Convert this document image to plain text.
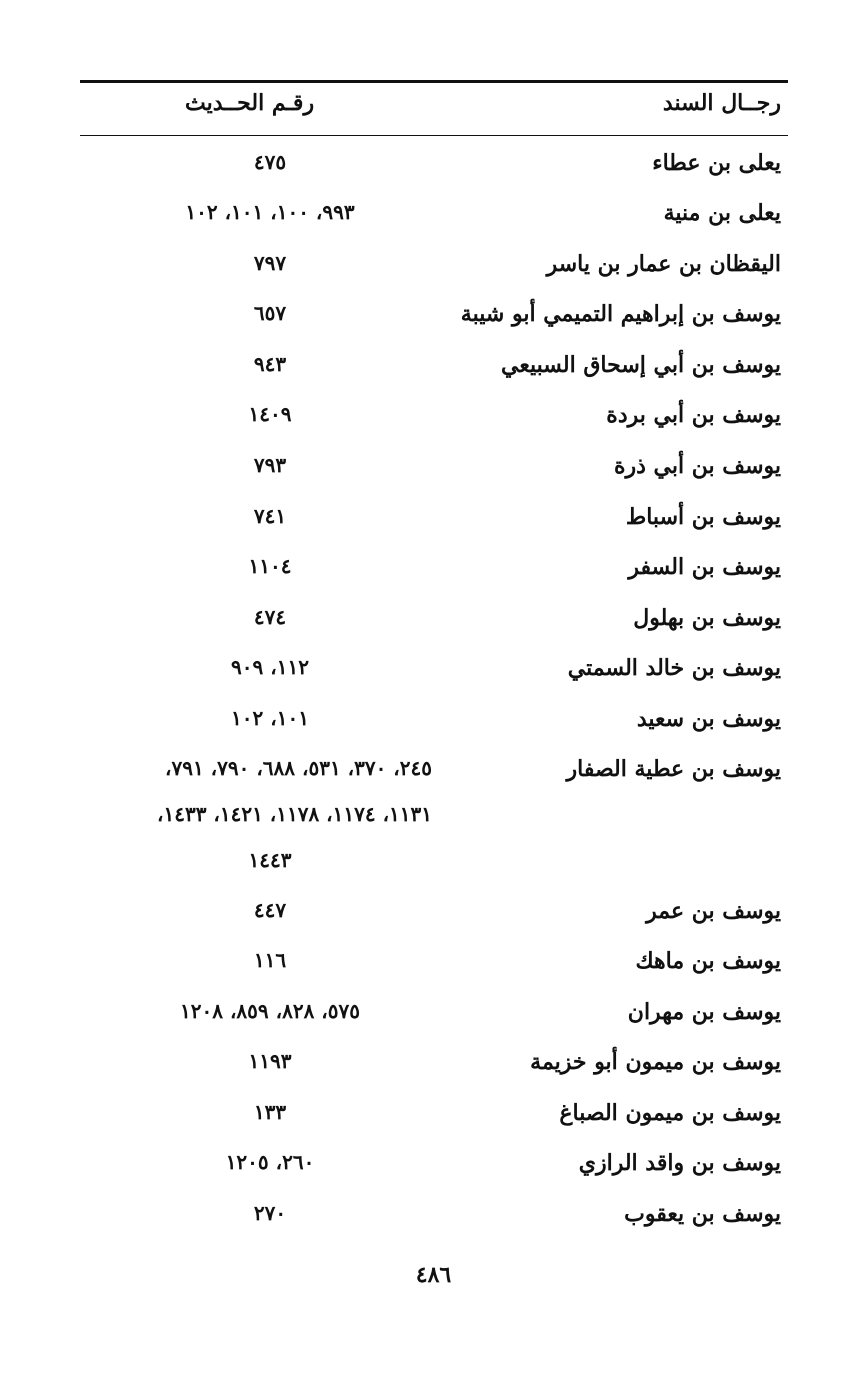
رجــال السند
رقـم الحــديث
يعلى بن عطاء
٤٧٥
يعلى بن منية
٩٩٣، ١٠٠، ١٠١، ١٠٢
اليقظان بن عمار بن ياسر
٧٩٧
يوسف بن إبراهيم التميمي أبو شيبة
٦٥٧
يوسف بن أبي إسحاق السبيعي
٩٤٣
يوسف بن أبي بردة
١٤٠٩
يوسف بن أبي ذرة
٧٩٣
يوسف بن أسباط
٧٤١
يوسف بن السفر
١١٠٤
يوسف بن بهلول
٤٧٤
يوسف بن خالد السمتي
١١٢، ٩٠٩
يوسف بن سعيد
١٠١، ١٠٢
يوسف بن عطية الصفار
٢٤٥، ٣٧٠، ٥٣١، ٦٨٨، ٧٩٠، ٧٩١،
١١٣١، ١١٧٤، ١١٧٨، ١٤٢١، ١٤٣٣،
١٤٤٣
يوسف بن عمر
٤٤٧
يوسف بن ماهك
١١٦
يوسف بن مهران
٥٧٥، ٨٢٨، ٨٥٩، ١٢٠٨
يوسف بن ميمون أبو خزيمة
١١٩٣
يوسف بن ميمون الصباغ
١٣٣
يوسف بن واقد الرازي
٢٦٠، ١٢٠٥
يوسف بن يعقوب
٢٧٠
٤٨٦
